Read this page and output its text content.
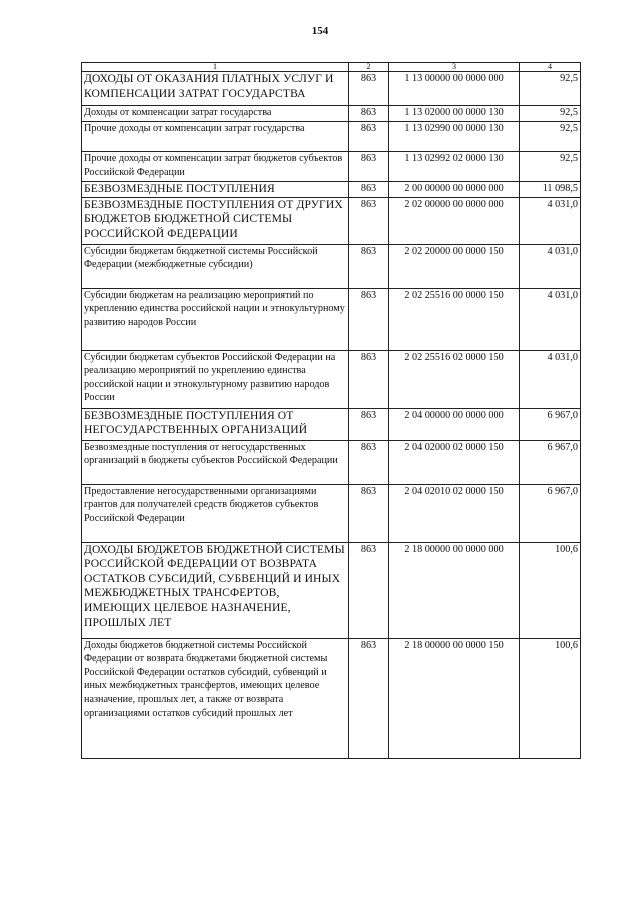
154
1	2	3	4
ДОХОДЫ ОТ ОКАЗАНИЯ ПЛАТНЫХ УСЛУГ И КОМПЕНСАЦИИ ЗАТРАТ ГОСУДАРСТВА	863	1 13 00000 00 0000 000	92,5
Доходы от компенсации затрат государства	863	1 13 02000 00 0000 130	92,5
Прочие доходы от компенсации затрат государства	863	1 13 02990 00 0000 130	92,5
Прочие доходы от компенсации затрат бюджетов субъектов Российской Федерации	863	1 13 02992 02 0000 130	92,5
БЕЗВОЗМЕЗДНЫЕ ПОСТУПЛЕНИЯ	863	2 00 00000 00 0000 000	11 098,5
БЕЗВОЗМЕЗДНЫЕ ПОСТУПЛЕНИЯ ОТ ДРУГИХ БЮДЖЕТОВ БЮДЖЕТНОЙ СИСТЕМЫ РОССИЙСКОЙ ФЕДЕРАЦИИ	863	2 02 00000 00 0000 000	4 031,0
Субсидии бюджетам бюджетной системы Российской Федерации (межбюджетные субсидии)	863	2 02 20000 00 0000 150	4 031,0
Субсидии бюджетам на реализацию мероприятий по укреплению единства российской нации и этнокультурному развитию народов России	863	2 02 25516 00 0000 150	4 031,0
Субсидии бюджетам субъектов Российской Федерации на реализацию мероприятий по укреплению единства российской нации и этнокультурному развитию народов России	863	2 02 25516 02 0000 150	4 031,0
БЕЗВОЗМЕЗДНЫЕ ПОСТУПЛЕНИЯ ОТ НЕГОСУДАРСТВЕННЫХ ОРГАНИЗАЦИЙ	863	2 04 00000 00 0000 000	6 967,0
Безвозмездные поступления от негосударственных организаций в бюджеты субъектов Российской Федерации	863	2 04 02000 02 0000 150	6 967,0
Предоставление негосударственными организациями грантов для получателей средств бюджетов субъектов Российской Федерации	863	2 04 02010 02 0000 150	6 967,0
ДОХОДЫ БЮДЖЕТОВ БЮДЖЕТНОЙ СИСТЕМЫ РОССИЙСКОЙ ФЕДЕРАЦИИ ОТ ВОЗВРАТА ОСТАТКОВ СУБСИДИЙ, СУБВЕНЦИЙ И ИНЫХ МЕЖБЮДЖЕТНЫХ ТРАНСФЕРТОВ, ИМЕЮЩИХ ЦЕЛЕВОЕ НАЗНАЧЕНИЕ, ПРОШЛЫХ ЛЕТ	863	2 18 00000 00 0000 000	100,6
Доходы бюджетов бюджетной системы Российской Федерации от возврата бюджетами бюджетной системы Российской Федерации остатков субсидий, субвенций и иных межбюджетных трансфертов, имеющих целевое назначение, прошлых лет, а также от возврата организациями остатков субсидий прошлых лет	863	2 18 00000 00 0000 150	100,6
